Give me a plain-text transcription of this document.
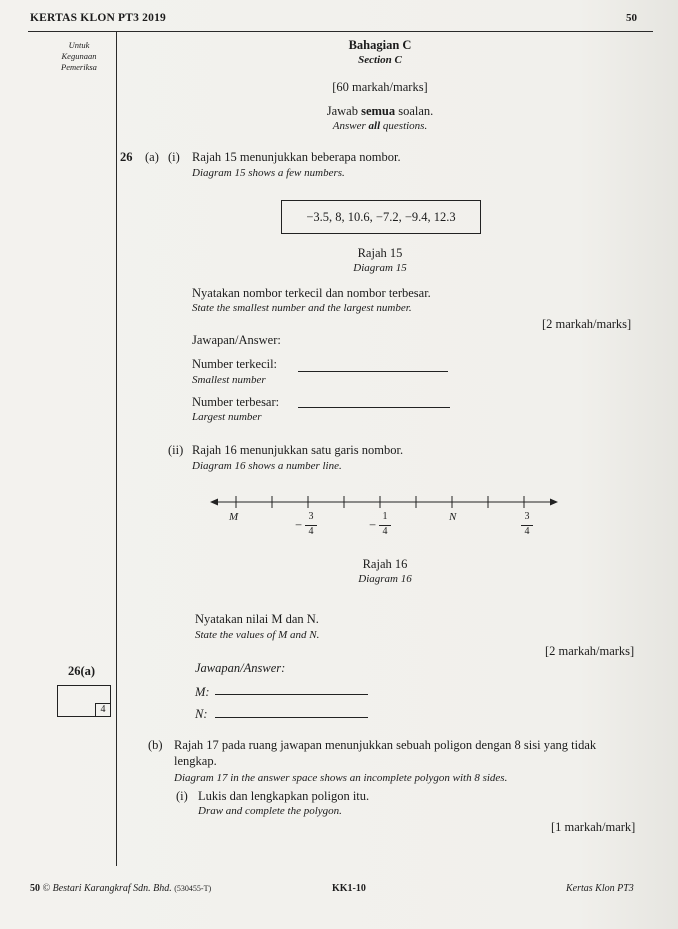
KERTAS KLON PT3 2019	50
Untuk
Kegunaan
Pemeriksa
Bahagian C
Section C
[60 markah/marks]
Jawab semua soalan.
Answer all questions.
26 (a) (i) Rajah 15 menunjukkan beberapa nombor.
Diagram 15 shows a few numbers.
−3.5, 8, 10.6, −7.2, −9.4, 12.3
Rajah 15
Diagram 15
Nyatakan nombor terkecil dan nombor terbesar.
State the smallest number and the largest number.
[2 markah/marks]
Jawapan/Answer:
Number terkecil:
Smallest number
Number terbesar:
Largest number
(ii) Rajah 16 menunjukkan satu garis nombor.
Diagram 16 shows a number line.
M	N
−
3
4	−
1
4
3
4
Rajah 16
Diagram 16
Nyatakan nilai M dan N.
State the values of M and N.
[2 markah/marks]
Jawapan/Answer:
M:
N:
26(a)
4
(b) Rajah 17 pada ruang jawapan menunjukkan sebuah poligon dengan 8 sisi yang tidak
lengkap.
Diagram 17 in the answer space shows an incomplete polygon with 8 sides.
(i) Lukis dan lengkapkan poligon itu.
Draw and complete the polygon.
[1 markah/mark]
50 © Bestari Karangkraf Sdn. Bhd. (530455-T)	KK1-10	Kertas Klon PT3
